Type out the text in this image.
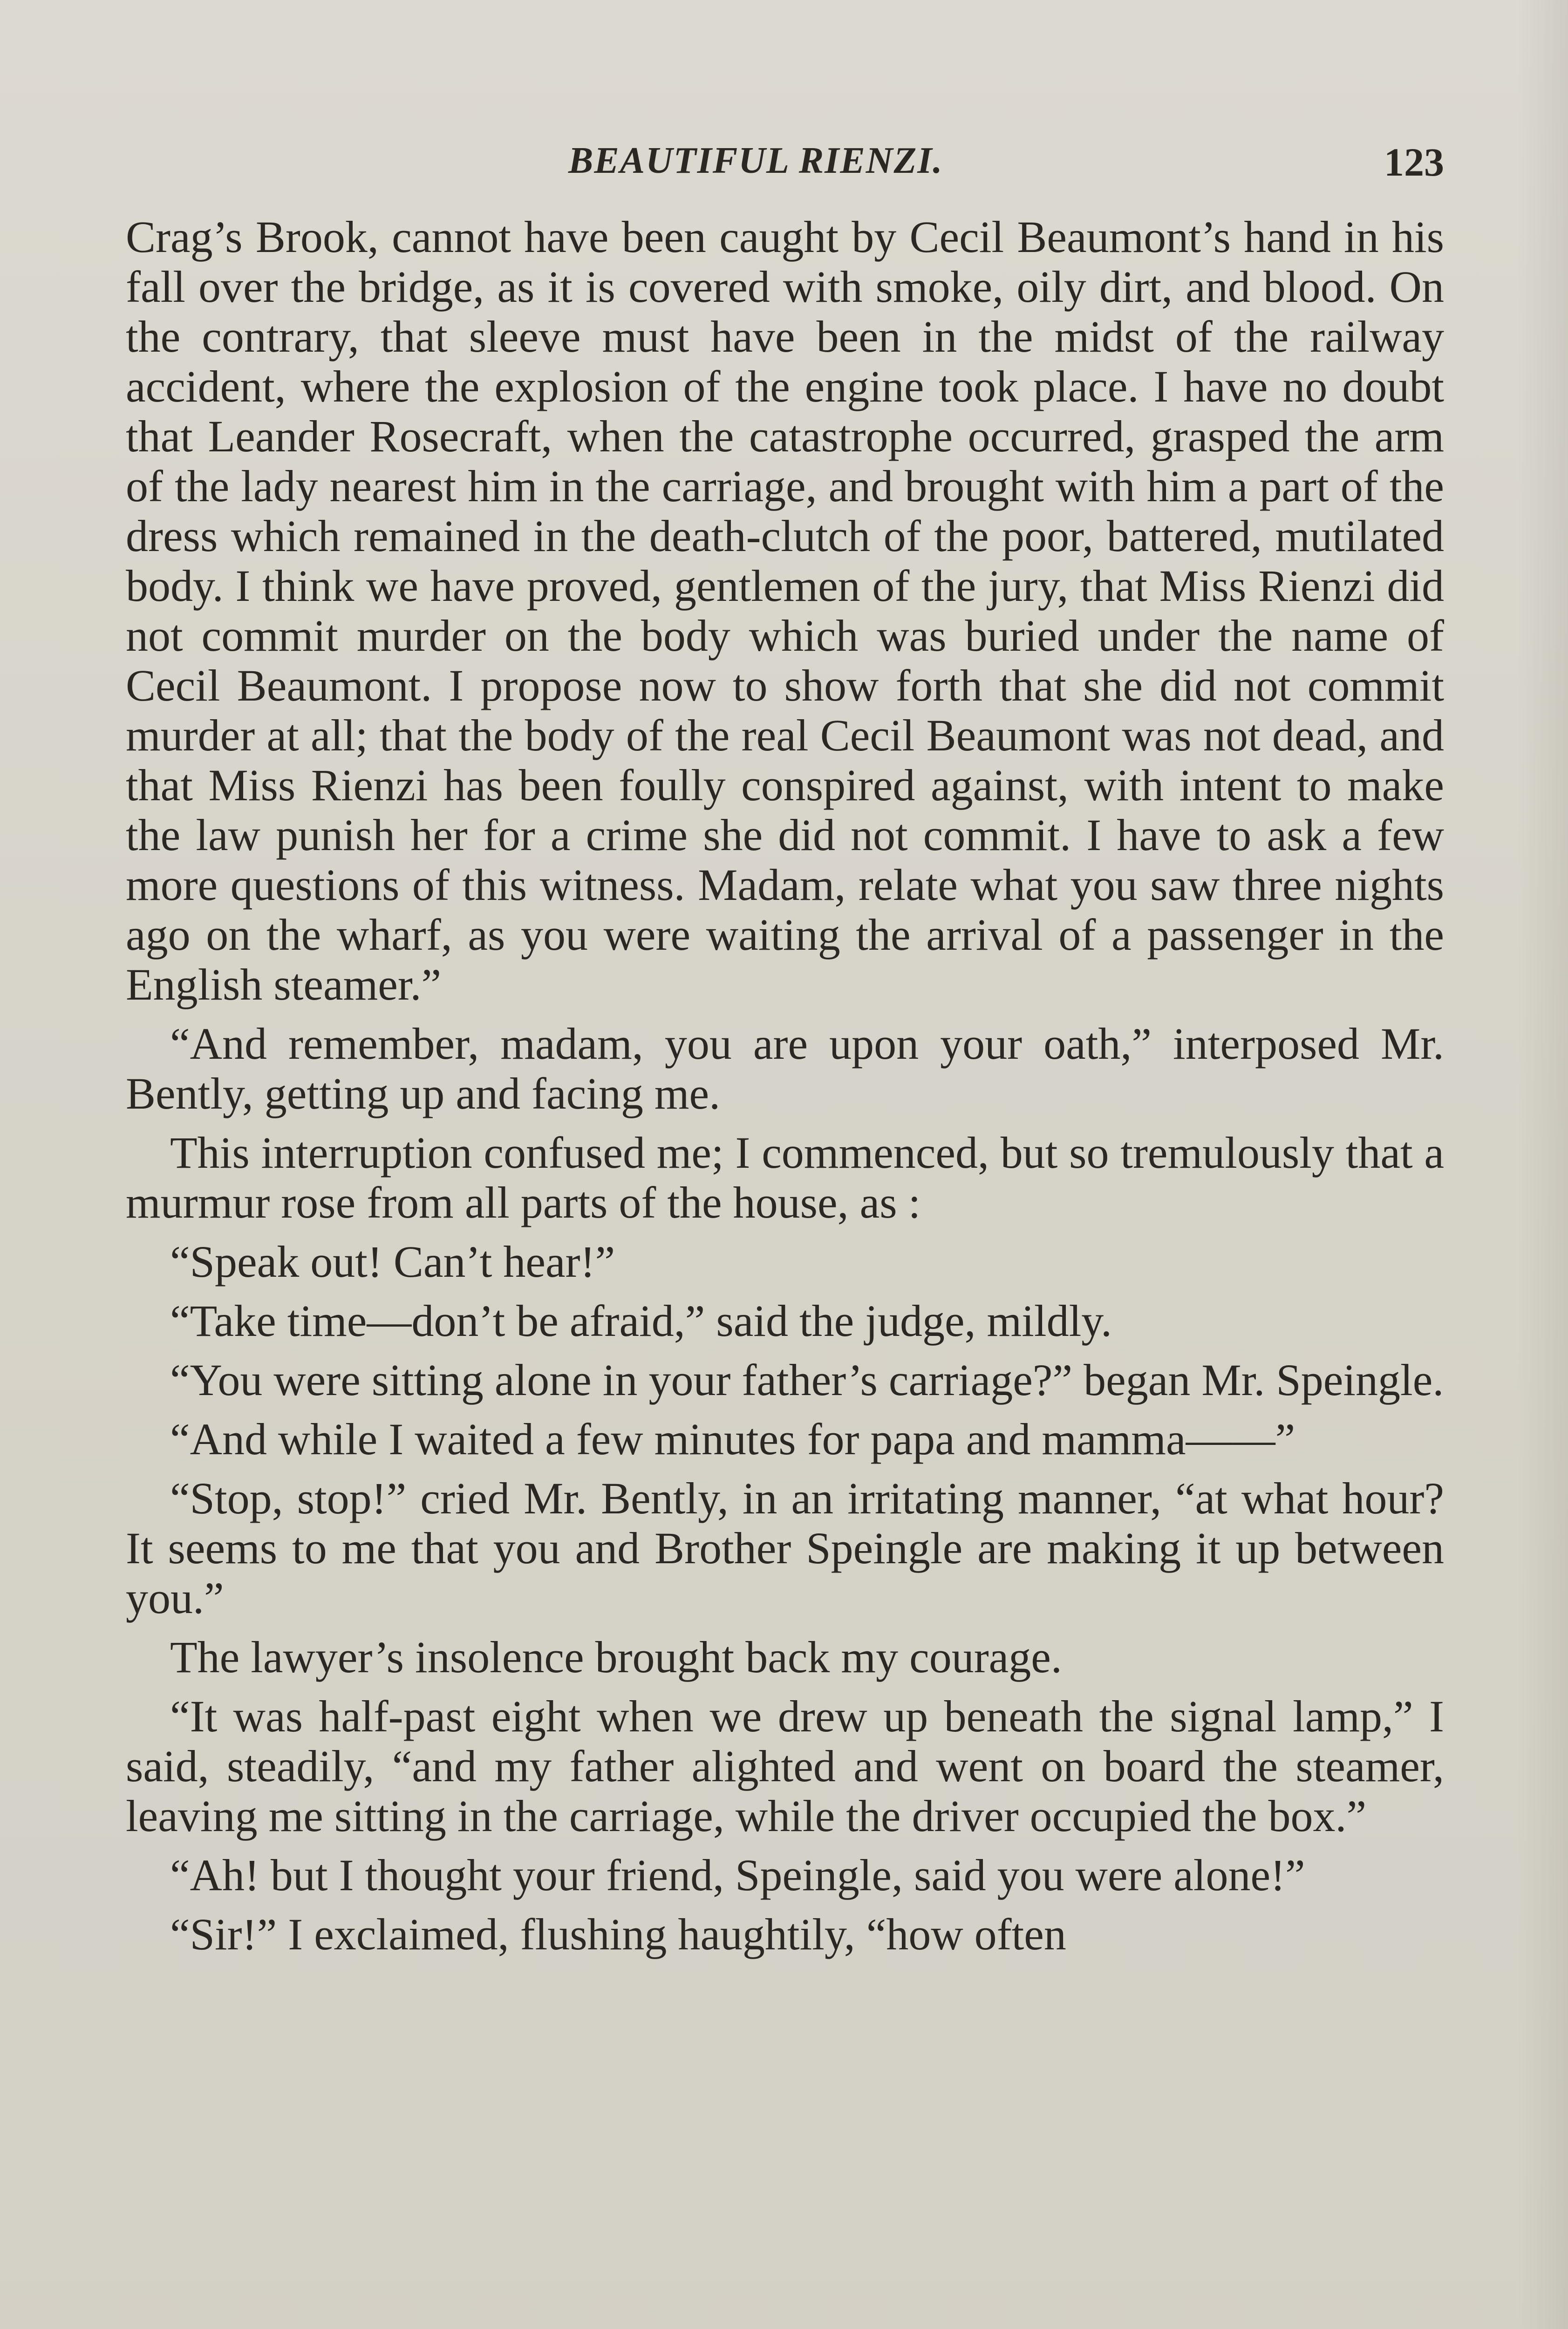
BEAUTIFUL RIENZI.	123

Crag’s Brook, cannot have been caught by Cecil Beaumont’s hand in his fall over the bridge, as it is covered with smoke, oily dirt, and blood. On the contrary, that sleeve must have been in the midst of the railway accident, where the explosion of the engine took place. I have no doubt that Leander Rosecraft, when the catastrophe occurred, grasped the arm of the lady nearest him in the carriage, and brought with him a part of the dress which remained in the death-clutch of the poor, battered, mutilated body. I think we have proved, gentlemen of the jury, that Miss Rienzi did not commit murder on the body which was buried under the name of Cecil Beaumont. I propose now to show forth that she did not commit murder at all; that the body of the real Cecil Beaumont was not dead, and that Miss Rienzi has been foully conspired against, with intent to make the law punish her for a crime she did not commit. I have to ask a few more questions of this witness. Madam, relate what you saw three nights ago on the wharf, as you were waiting the arrival of a passenger in the English steamer.”

“And remember, madam, you are upon your oath,” interposed Mr. Bently, getting up and facing me.

This interruption confused me; I commenced, but so tremulously that a murmur rose from all parts of the house, as :

“Speak out! Can’t hear!”

“Take time—don’t be afraid,” said the judge, mildly.

“You were sitting alone in your father’s carriage?” began Mr. Speingle.

“And while I waited a few minutes for papa and mamma——”

“Stop, stop!” cried Mr. Bently, in an irritating manner, “at what hour? It seems to me that you and Brother Speingle are making it up between you.”

The lawyer’s insolence brought back my courage.

“It was half-past eight when we drew up beneath the signal lamp,” I said, steadily, “and my father alighted and went on board the steamer, leaving me sitting in the carriage, while the driver occupied the box.”

“Ah! but I thought your friend, Speingle, said you were alone!”

“Sir!” I exclaimed, flushing haughtily, “how often
